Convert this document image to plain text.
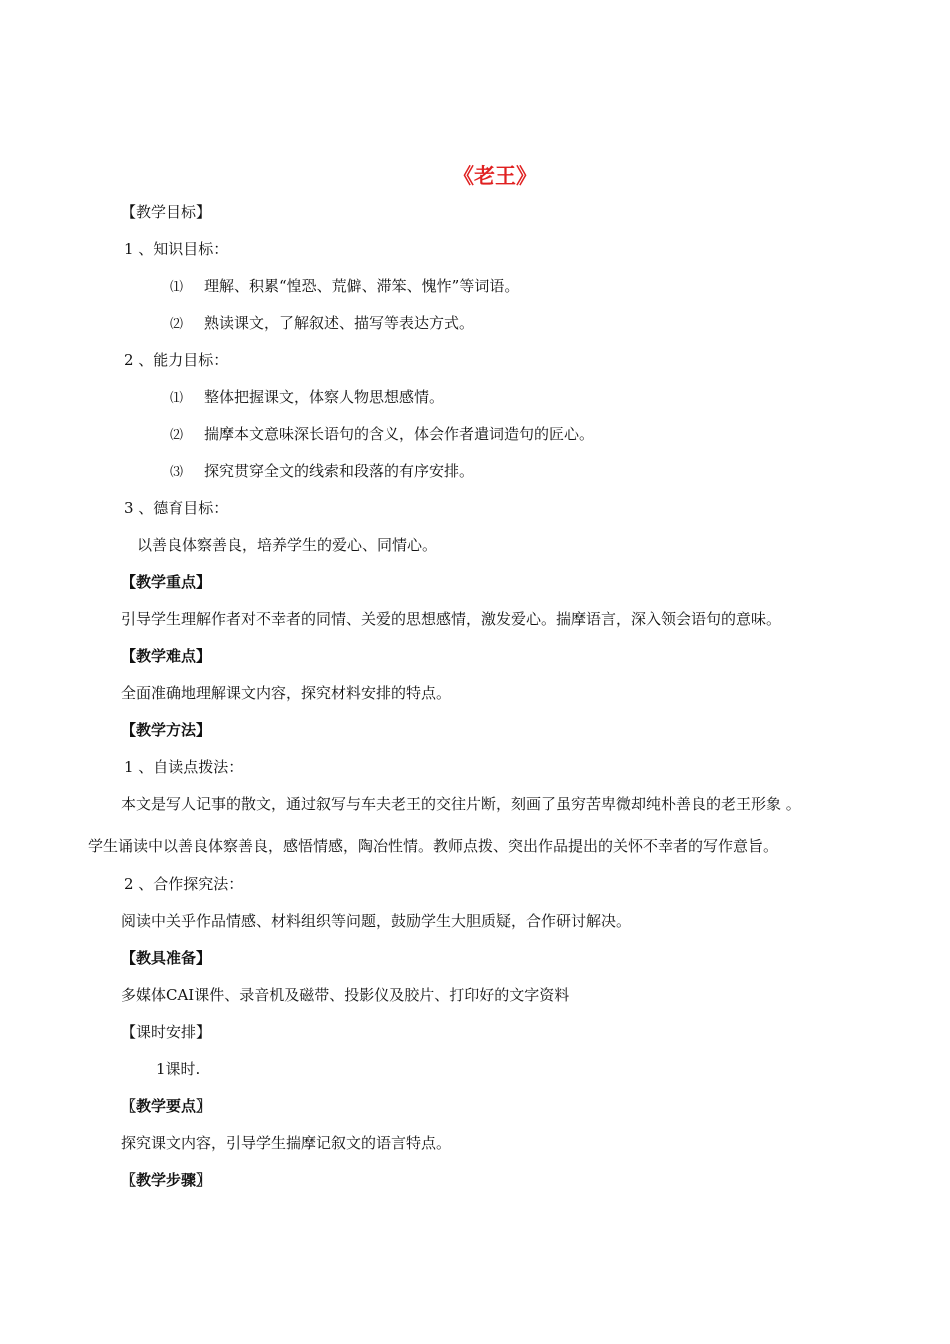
《老王》
【教学目标】
1 、知识目标：
⑴ 理解、积累“惶恐、荒僻、滞笨、愧怍”等词语。
⑵ 熟读课文，了解叙述、描写等表达方式。
2 、能力目标：
⑴ 整体把握课文，体察人物思想感情。
⑵ 揣摩本文意味深长语句的含义，体会作者遣词造句的匠心。
⑶ 探究贯穿全文的线索和段落的有序安排。
3 、德育目标：
以善良体察善良，培养学生的爱心、同情心。
【教学重点】
引导学生理解作者对不幸者的同情、关爱的思想感情，激发爱心。揣摩语言，深入领会语句的意味。
【教学难点】
全面准确地理解课文内容，探究材料安排的特点。
【教学方法】
1 、自读点拨法：
本文是写人记事的散文，通过叙写与车夫老王的交往片断，刻画了虽穷苦卑微却纯朴善良的老王形象 。
学生诵读中以善良体察善良，感悟情感，陶冶性情。教师点拨、突出作品提出的关怀不幸者的写作意旨。
2 、合作探究法：
阅读中关乎作品情感、材料组织等问题，鼓励学生大胆质疑，合作研讨解决。
【教具准备】
多媒体CAI课件、录音机及磁带、投影仪及胶片、打印好的文字资料
【课时安排】
1课时.
〖教学要点〗
探究课文内容，引导学生揣摩记叙文的语言特点。
〖教学步骤〗
